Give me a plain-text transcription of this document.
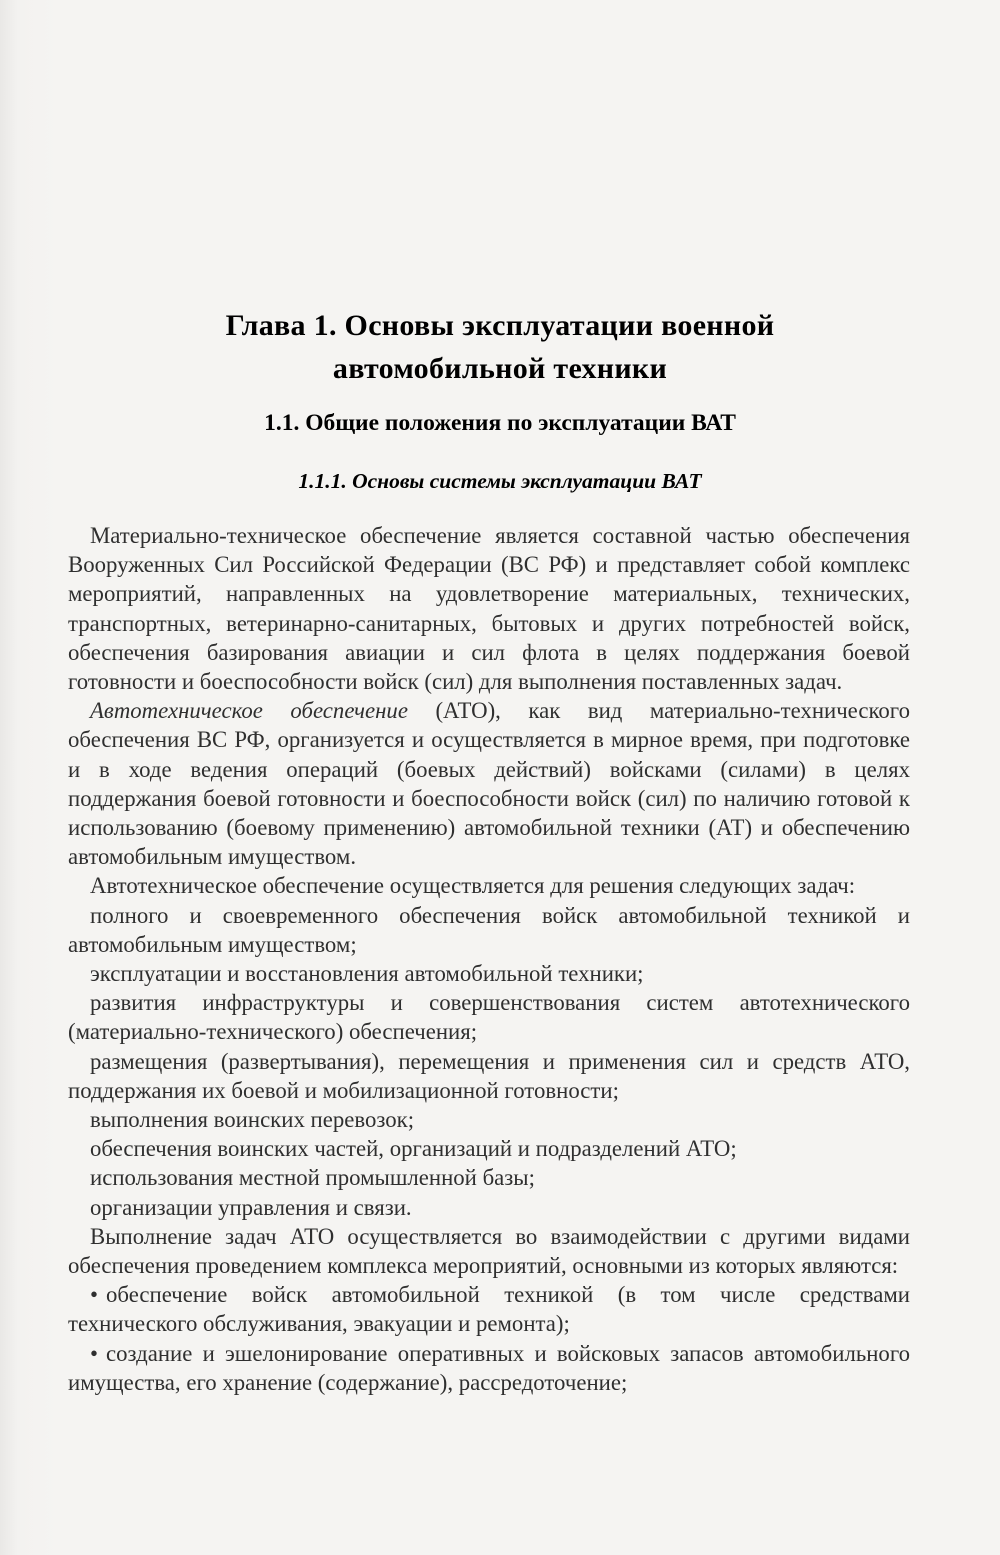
Глава 1. Основы эксплуатации военной
автомобильной техники
1.1. Общие положения по эксплуатации ВАТ
1.1.1. Основы системы эксплуатации ВАТ

Материально-техническое обеспечение является составной частью обеспечения Вооруженных Сил Российской Федерации (ВС РФ) и представляет собой комплекс мероприятий, направленных на удовлетворение материальных, технических, транспортных, ветеринарно-санитарных, бытовых и других потребностей войск, обеспечения базирования авиации и сил флота в целях поддержания боевой готовности и боеспособности войск (сил) для выполнения поставленных задач.

Автотехническое обеспечение (АТО), как вид материально-технического обеспечения ВС РФ, организуется и осуществляется в мирное время, при подготовке и в ходе ведения операций (боевых действий) войсками (силами) в целях поддержания боевой готовности и боеспособности войск (сил) по наличию готовой к использованию (боевому применению) автомобильной техники (АТ) и обеспечению автомобильным имуществом.

Автотехническое обеспечение осуществляется для решения следующих задач:

полного и своевременного обеспечения войск автомобильной техникой и автомобильным имуществом;

эксплуатации и восстановления автомобильной техники;

развития инфраструктуры и совершенствования систем автотехнического (материально-технического) обеспечения;

размещения (развертывания), перемещения и применения сил и средств АТО, поддержания их боевой и мобилизационной готовности;

выполнения воинских перевозок;

обеспечения воинских частей, организаций и подразделений АТО;

использования местной промышленной базы;

организации управления и связи.

Выполнение задач АТО осуществляется во взаимодействии с другими видами обеспечения проведением комплекса мероприятий, основными из которых являются:

• обеспечение войск автомобильной техникой (в том числе средствами технического обслуживания, эвакуации и ремонта);

• создание и эшелонирование оперативных и войсковых запасов автомобильного имущества, его хранение (содержание), рассредоточение;
